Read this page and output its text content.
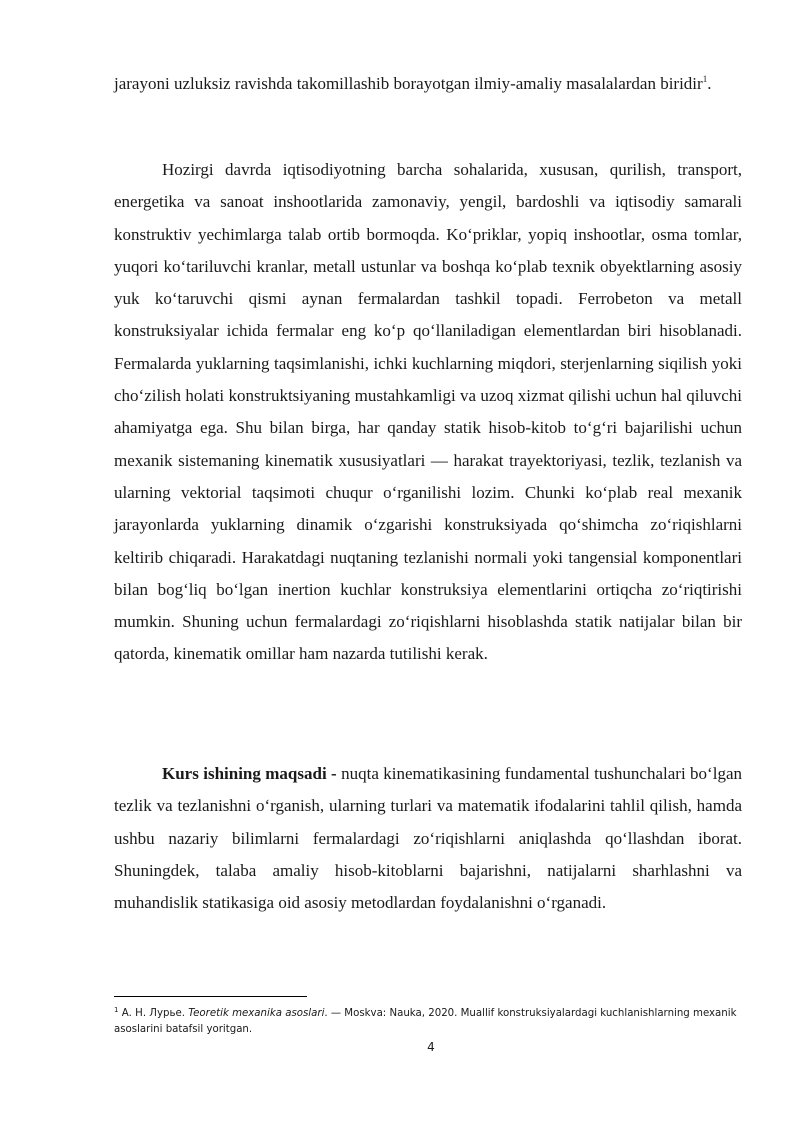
jarayoni uzluksiz ravishda takomillashib borayotgan ilmiy-amaliy masalalardan biridir$^1$.

Hozirgi davrda iqtisodiyotning barcha sohalarida, xususan, qurilish, transport, energetika va sanoat inshootlarida zamonaviy, yengil, bardoshli va iqtisodiy samarali konstruktiv yechimlarga talab ortib bormoqda. Ko‘priklar, yopiq inshootlar, osma tomlar, yuqori ko‘tariluvchi kranlar, metall ustunlar va boshqa ko‘plab texnik obyektlarning asosiy yuk ko‘taruvchi qismi aynan fermalardan tashkil topadi. Ferrobeton va metall konstruksiyalar ichida fermalar eng ko‘p qo‘llaniladigan elementlardan biri hisoblanadi. Fermalarda yuklarning taqsimlanishi, ichki kuchlarning miqdori, sterjenlarning siqilish yoki cho‘zilish holati konstruktsiyaning mustahkamligi va uzoq xizmat qilishi uchun hal qiluvchi ahamiyatga ega. Shu bilan birga, har qanday statik hisob-kitob to‘g‘ri bajarilishi uchun mexanik sistemaning kinematik xususiyatlari — harakat trayektoriyasi, tezlik, tezlanish va ularning vektorial taqsimoti chuqur o‘rganilishi lozim. Chunki ko‘plab real mexanik jarayonlarda yuklarning dinamik o‘zgarishi konstruksiyada qo‘shimcha zo‘riqishlarni keltirib chiqaradi. Harakatdagi nuqtaning tezlanishi normali yoki tangensial komponentlari bilan bog‘liq bo‘lgan inertion kuchlar konstruksiya elementlarini ortiqcha zo‘riqtirishi mumkin. Shuning uchun fermalardagi zo‘riqishlarni hisoblashda statik natijalar bilan bir qatorda, kinematik omillar ham nazarda tutilishi kerak.

Kurs ishining maqsadi - nuqta kinematikasining fundamental tushunchalari bo‘lgan tezlik va tezlanishni o‘rganish, ularning turlari va matematik ifodalarini tahlil qilish, hamda ushbu nazariy bilimlarni fermalardagi zo‘riqishlarni aniqlashda qo‘llashdan iborat. Shuningdek, talaba amaliy hisob-kitoblarni bajarishni, natijalarni sharhlashni va muhandislik statikasiga oid asosiy metodlardan foydalanishni o‘rganadi.

$^1$ А. Н. Лурье. Teoretik mexanika asoslari. — Moskva: Nauka, 2020. Muallif konstruksiyalardagi kuchlanishlarning mexanik asoslarini batafsil yoritgan.
4
